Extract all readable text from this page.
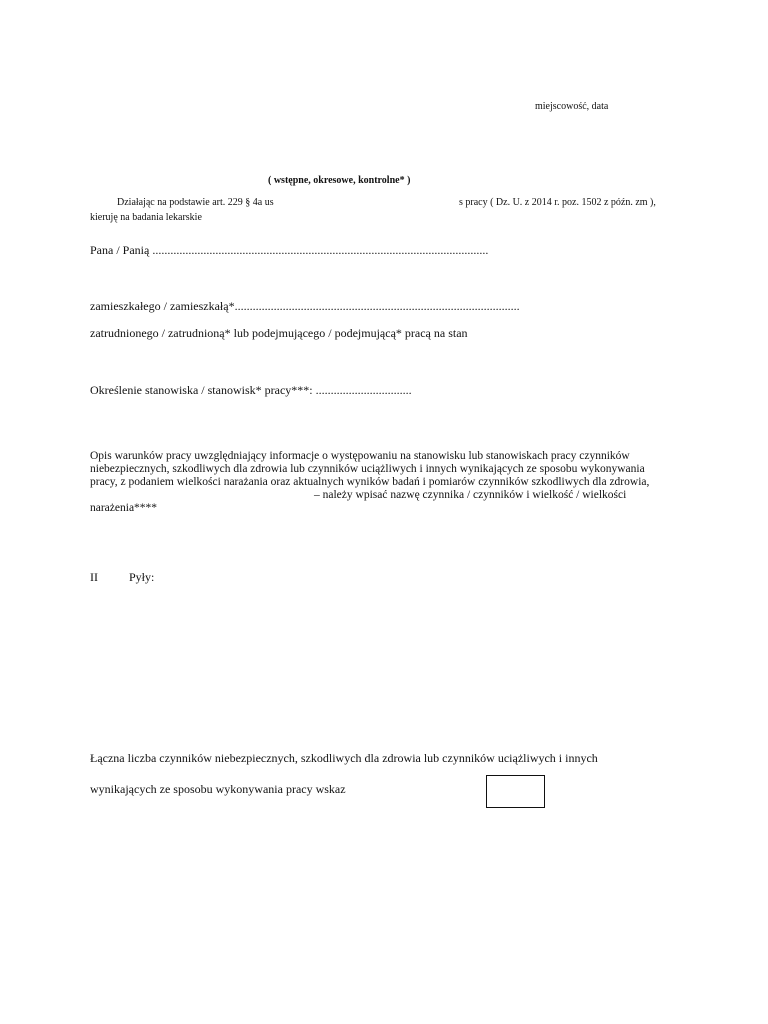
miejscowość, data
( wstępne, okresowe, kontrolne* )
Działając na podstawie art. 229 § 4a us	s pracy ( Dz. U. z 2014 r. poz. 1502 z późn. zm ),
kieruję na badania lekarskie
Pana / Panią ................................................................................................................
zamieszkałego / zamieszkałą*...............................................................................................
zatrudnionego / zatrudnioną* lub podejmującego / podejmującą* pracą na stan
Określenie stanowiska / stanowisk* pracy***: ................................
Opis warunków pracy uwzględniający informacje o występowaniu na stanowisku lub stanowiskach pracy czynników
niebezpiecznych, szkodliwych dla zdrowia lub czynników uciążliwych i innych wynikających ze sposobu wykonywania
pracy, z podaniem wielkości narażania oraz aktualnych wyników badań i pomiarów czynników szkodliwych dla zdrowia,
– należy wpisać nazwę czynnika / czynników i wielkość / wielkości
narażenia****
II	Pyły:
Łączna liczba czynników niebezpiecznych, szkodliwych dla zdrowia lub czynników uciążliwych i innych
wynikających ze sposobu wykonywania pracy wskaz
